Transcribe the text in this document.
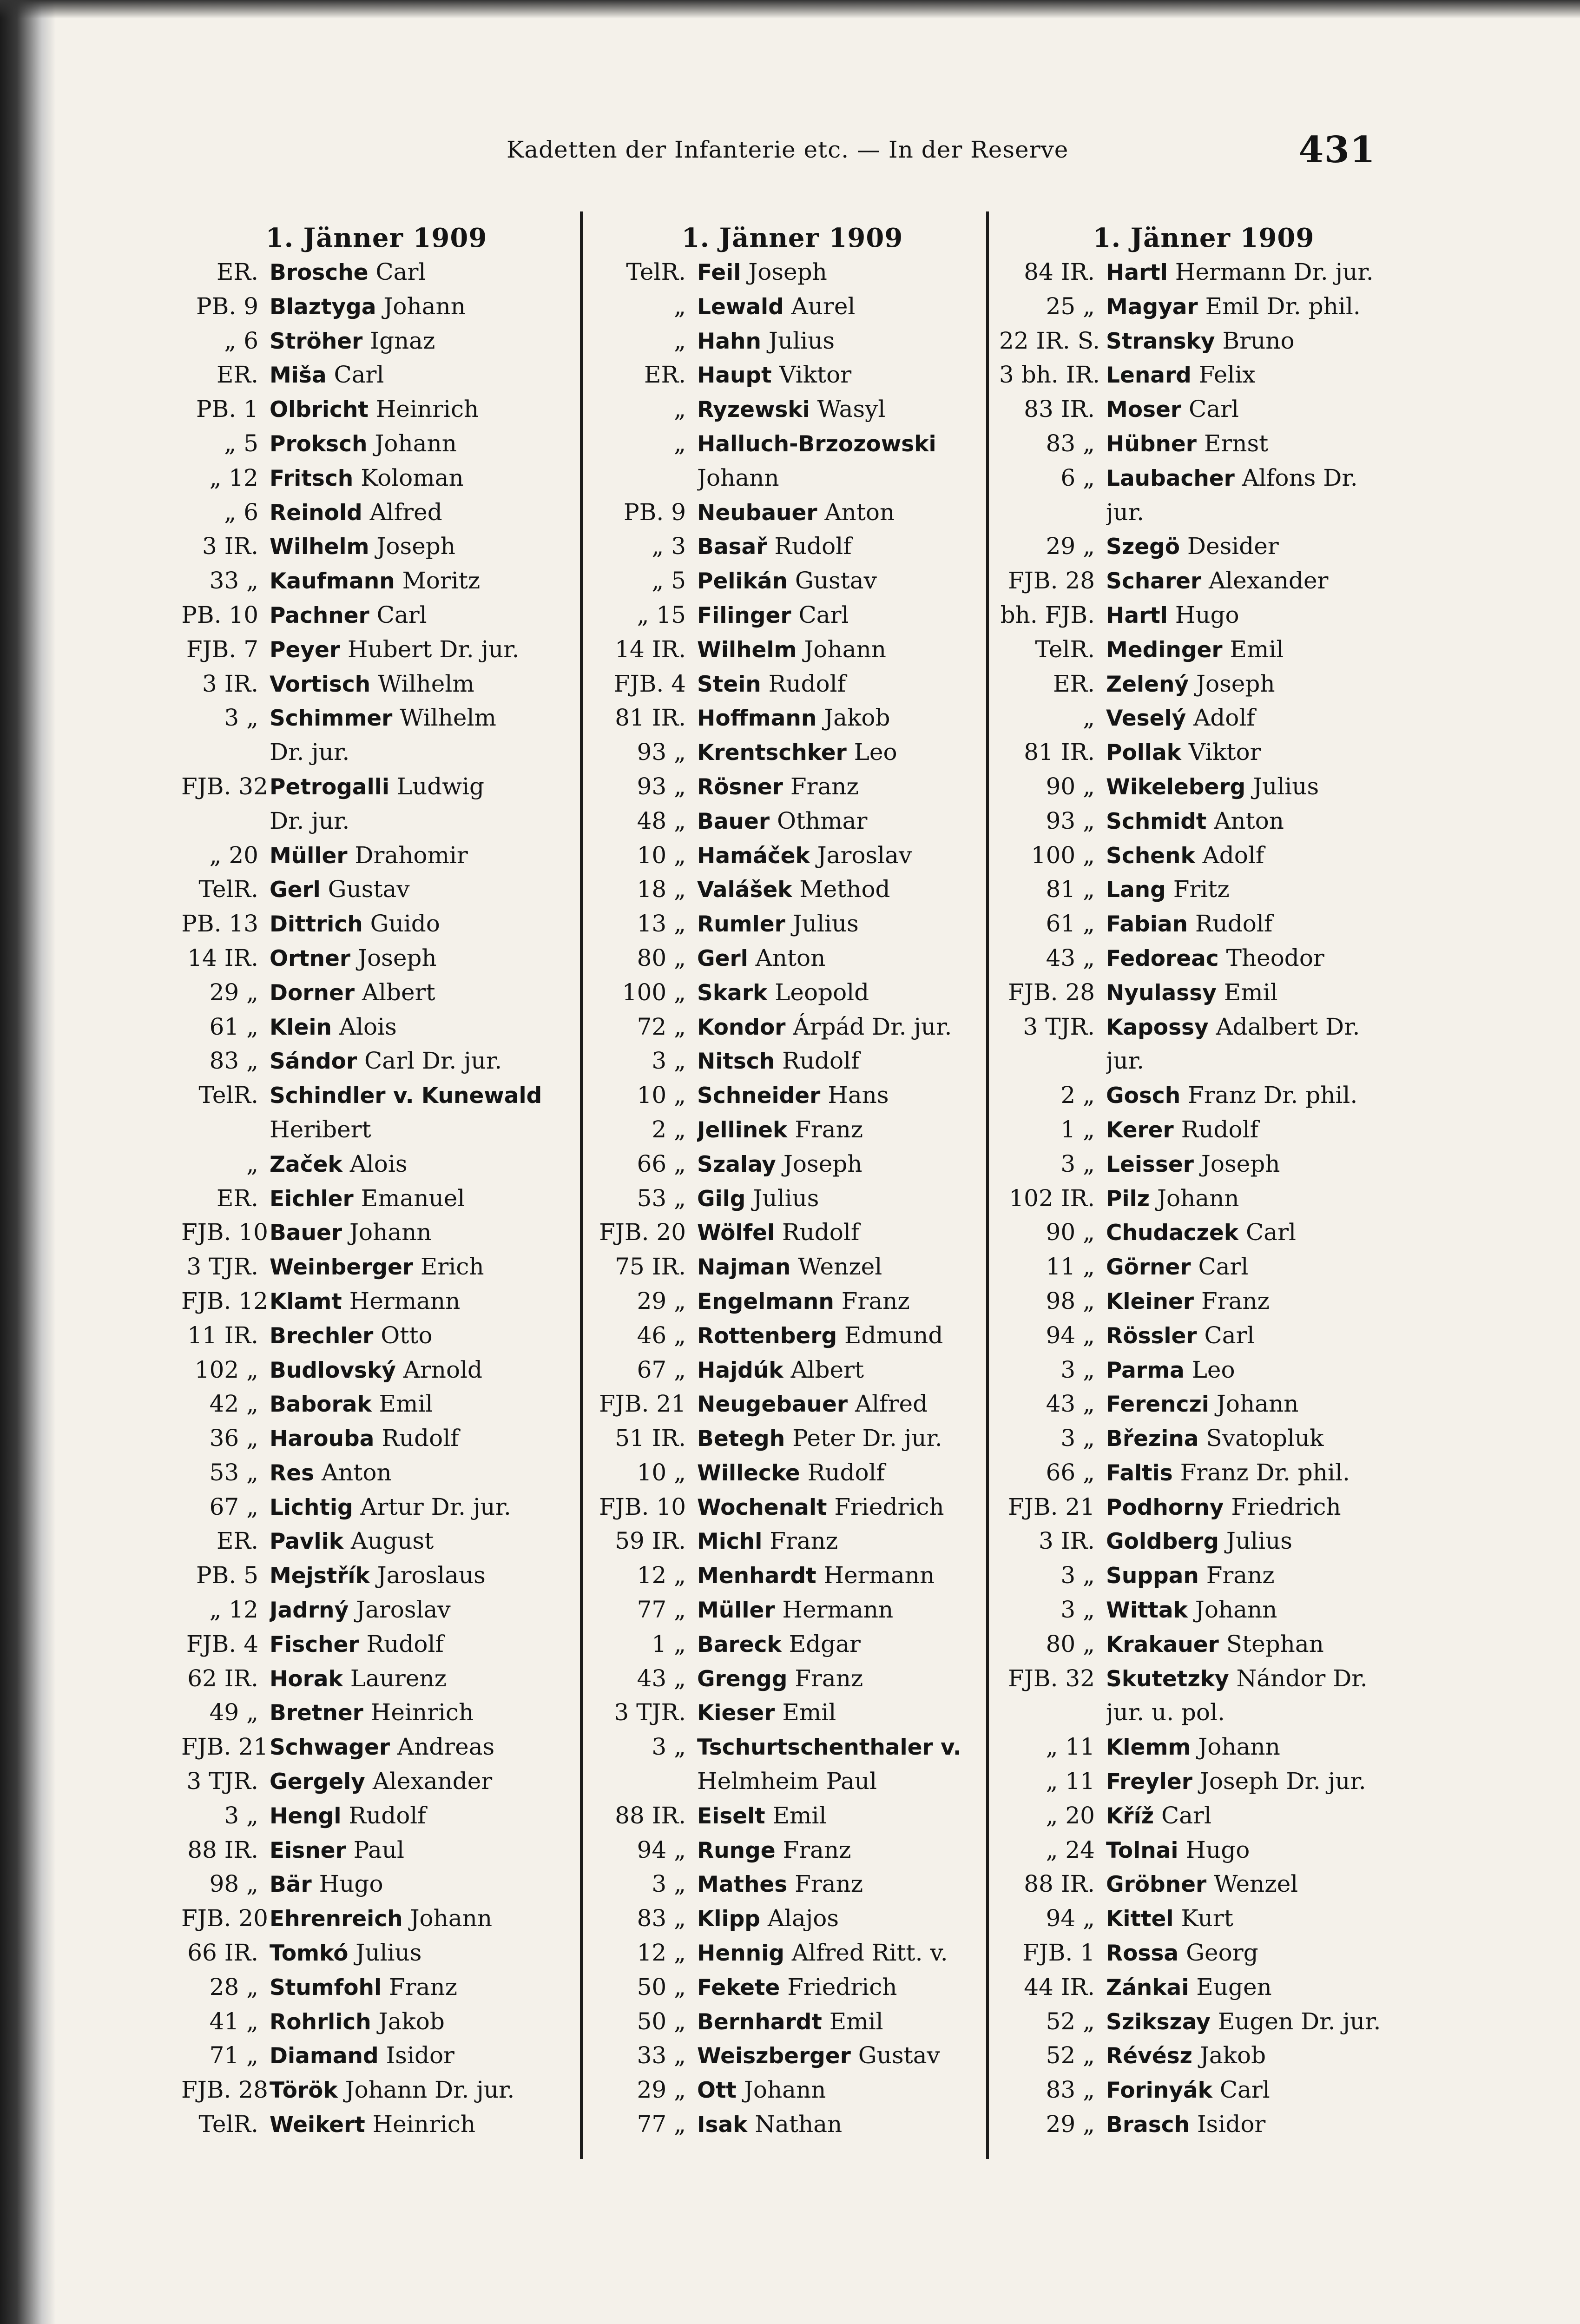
Kadetten der Infanterie etc. — In der Reserve	431
1. Jänner 1909
ER. Brosche Carl
PB. 9 Blaztyga Johann
„ 6 Ströher Ignaz
ER. Miša Carl
PB. 1 Olbricht Heinrich
„ 5 Proksch Johann
„ 12 Fritsch Koloman
„ 6 Reinold Alfred
3 IR. Wilhelm Joseph
33 „ Kaufmann Moritz
PB. 10 Pachner Carl
FJB. 7 Peyer Hubert Dr. jur.
3 IR. Vortisch Wilhelm
3 „ Schimmer Wilhelm
Dr. jur.
FJB. 32 Petrogalli Ludwig
Dr. jur.
„ 20 Müller Drahomir
TelR. Gerl Gustav
PB. 13 Dittrich Guido
14 IR. Ortner Joseph
29 „ Dorner Albert
61 „ Klein Alois
83 „ Sándor Carl Dr. jur.
TelR. Schindler v. Kunewald
Heribert
„ Začek Alois
ER. Eichler Emanuel
FJB. 10 Bauer Johann
3 TJR. Weinberger Erich
FJB. 12 Klamt Hermann
11 IR. Brechler Otto
102 „ Budlovský Arnold
42 „ Baborak Emil
36 „ Harouba Rudolf
53 „ Res Anton
67 „ Lichtig Artur Dr. jur.
ER. Pavlik August
PB. 5 Mejstřík Jaroslaus
„ 12 Jadrný Jaroslav
FJB. 4 Fischer Rudolf
62 IR. Horak Laurenz
49 „ Bretner Heinrich
FJB. 21 Schwager Andreas
3 TJR. Gergely Alexander
3 „ Hengl Rudolf
88 IR. Eisner Paul
98 „ Bär Hugo
FJB. 20 Ehrenreich Johann
66 IR. Tomkó Julius
28 „ Stumfohl Franz
41 „ Rohrlich Jakob
71 „ Diamand Isidor
FJB. 28 Török Johann Dr. jur.
TelR. Weikert Heinrich
1. Jänner 1909
TelR. Feil Joseph
„ Lewald Aurel
„ Hahn Julius
ER. Haupt Viktor
„ Ryzewski Wasyl
„ Halluch-Brzozowski
Johann
PB. 9 Neubauer Anton
„ 3 Basař Rudolf
„ 5 Pelikán Gustav
„ 15 Filinger Carl
14 IR. Wilhelm Johann
FJB. 4 Stein Rudolf
81 IR. Hoffmann Jakob
93 „ Krentschker Leo
93 „ Rösner Franz
48 „ Bauer Othmar
10 „ Hamáček Jaroslav
18 „ Valášek Method
13 „ Rumler Julius
80 „ Gerl Anton
100 „ Skark Leopold
72 „ Kondor Árpád Dr. jur.
3 „ Nitsch Rudolf
10 „ Schneider Hans
2 „ Jellinek Franz
66 „ Szalay Joseph
53 „ Gilg Julius
FJB. 20 Wölfel Rudolf
75 IR. Najman Wenzel
29 „ Engelmann Franz
46 „ Rottenberg Edmund
67 „ Hajdúk Albert
FJB. 21 Neugebauer Alfred
51 IR. Betegh Peter Dr. jur.
10 „ Willecke Rudolf
FJB. 10 Wochenalt Friedrich
59 IR. Michl Franz
12 „ Menhardt Hermann
77 „ Müller Hermann
1 „ Bareck Edgar
43 „ Grengg Franz
3 TJR. Kieser Emil
3 „ Tschurtschenthaler v.
Helmheim Paul
88 IR. Eiselt Emil
94 „ Runge Franz
3 „ Mathes Franz
83 „ Klipp Alajos
12 „ Hennig Alfred Ritt. v.
50 „ Fekete Friedrich
50 „ Bernhardt Emil
33 „ Weiszberger Gustav
29 „ Ott Johann
77 „ Isak Nathan
1. Jänner 1909
84 IR. Hartl Hermann Dr. jur.
25 „ Magyar Emil Dr. phil.
22 IR. S. Stransky Bruno
3 bh. IR. Lenard Felix
83 IR. Moser Carl
83 „ Hübner Ernst
6 „ Laubacher Alfons Dr.
jur.
29 „ Szegö Desider
FJB. 28 Scharer Alexander
bh. FJB. Hartl Hugo
TelR. Medinger Emil
ER. Zelený Joseph
„ Veselý Adolf
81 IR. Pollak Viktor
90 „ Wikeleberg Julius
93 „ Schmidt Anton
100 „ Schenk Adolf
81 „ Lang Fritz
61 „ Fabian Rudolf
43 „ Fedoreac Theodor
FJB. 28 Nyulassy Emil
3 TJR. Kapossy Adalbert Dr.
jur.
2 „ Gosch Franz Dr. phil.
1 „ Kerer Rudolf
3 „ Leisser Joseph
102 IR. Pilz Johann
90 „ Chudaczek Carl
11 „ Görner Carl
98 „ Kleiner Franz
94 „ Rössler Carl
3 „ Parma Leo
43 „ Ferenczi Johann
3 „ Březina Svatopluk
66 „ Faltis Franz Dr. phil.
FJB. 21 Podhorny Friedrich
3 IR. Goldberg Julius
3 „ Suppan Franz
3 „ Wittak Johann
80 „ Krakauer Stephan
FJB. 32 Skutetzky Nándor Dr.
jur. u. pol.
„ 11 Klemm Johann
„ 11 Freyler Joseph Dr. jur.
„ 20 Kříž Carl
„ 24 Tolnai Hugo
88 IR. Gröbner Wenzel
94 „ Kittel Kurt
FJB. 1 Rossa Georg
44 IR. Zánkai Eugen
52 „ Szikszay Eugen Dr. jur.
52 „ Révész Jakob
83 „ Forinyák Carl
29 „ Brasch Isidor
